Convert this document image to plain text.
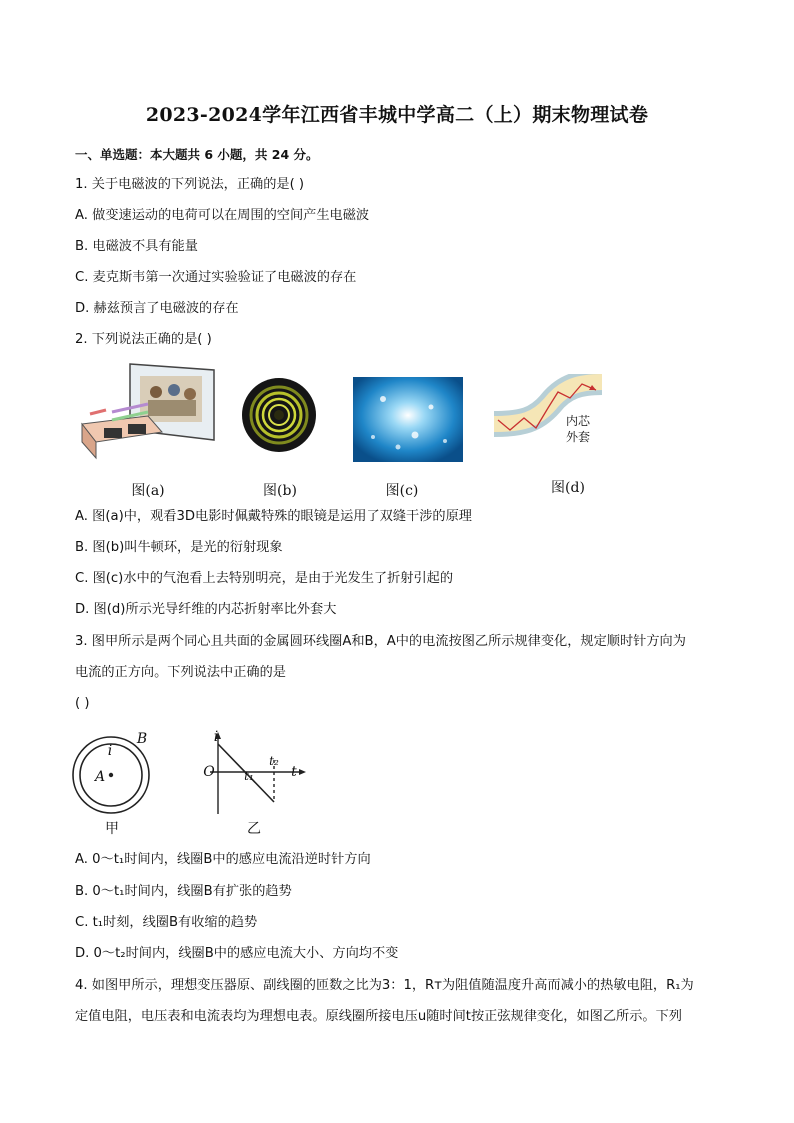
2023-2024学年江西省丰城中学高二（上）期末物理试卷
一、单选题：本大题共 6 小题，共 24 分。
1. 关于电磁波的下列说法，正确的是( )
A. 做变速运动的电荷可以在周围的空间产生电磁波
B. 电磁波不具有能量
C. 麦克斯韦第一次通过实验验证了电磁波的存在
D. 赫兹预言了电磁波的存在
2. 下列说法正确的是( )
图(a)	图(b)	图(c)
内芯
外套
图(d)
A. 图(a)中，观看3D电影时佩戴特殊的眼镜是运用了双缝干涉的原理
B. 图(b)叫牛顿环，是光的衍射现象
C. 图(c)水中的气泡看上去特别明亮，是由于光发生了折射引起的
D. 图(d)所示光导纤维的内芯折射率比外套大
3. 图甲所示是两个同心且共面的金属圆环线圈A和B，A中的电流按图乙所示规律变化，规定顺时针方向为
电流的正方向。下列说法中正确的是
( )
B
i
A
甲
i
O t₁
t₂
t
乙
A. 0～t₁时间内，线圈B中的感应电流沿逆时针方向
B. 0～t₁时间内，线圈B有扩张的趋势
C. t₁时刻，线圈B有收缩的趋势
D. 0～t₂时间内，线圈B中的感应电流大小、方向均不变
4. 如图甲所示，理想变压器原、副线圈的匝数之比为3：1，Rᴛ为阻值随温度升高而减小的热敏电阻，R₁为
定值电阻，电压表和电流表均为理想电表。原线圈所接电压u随时间t按正弦规律变化，如图乙所示。下列
